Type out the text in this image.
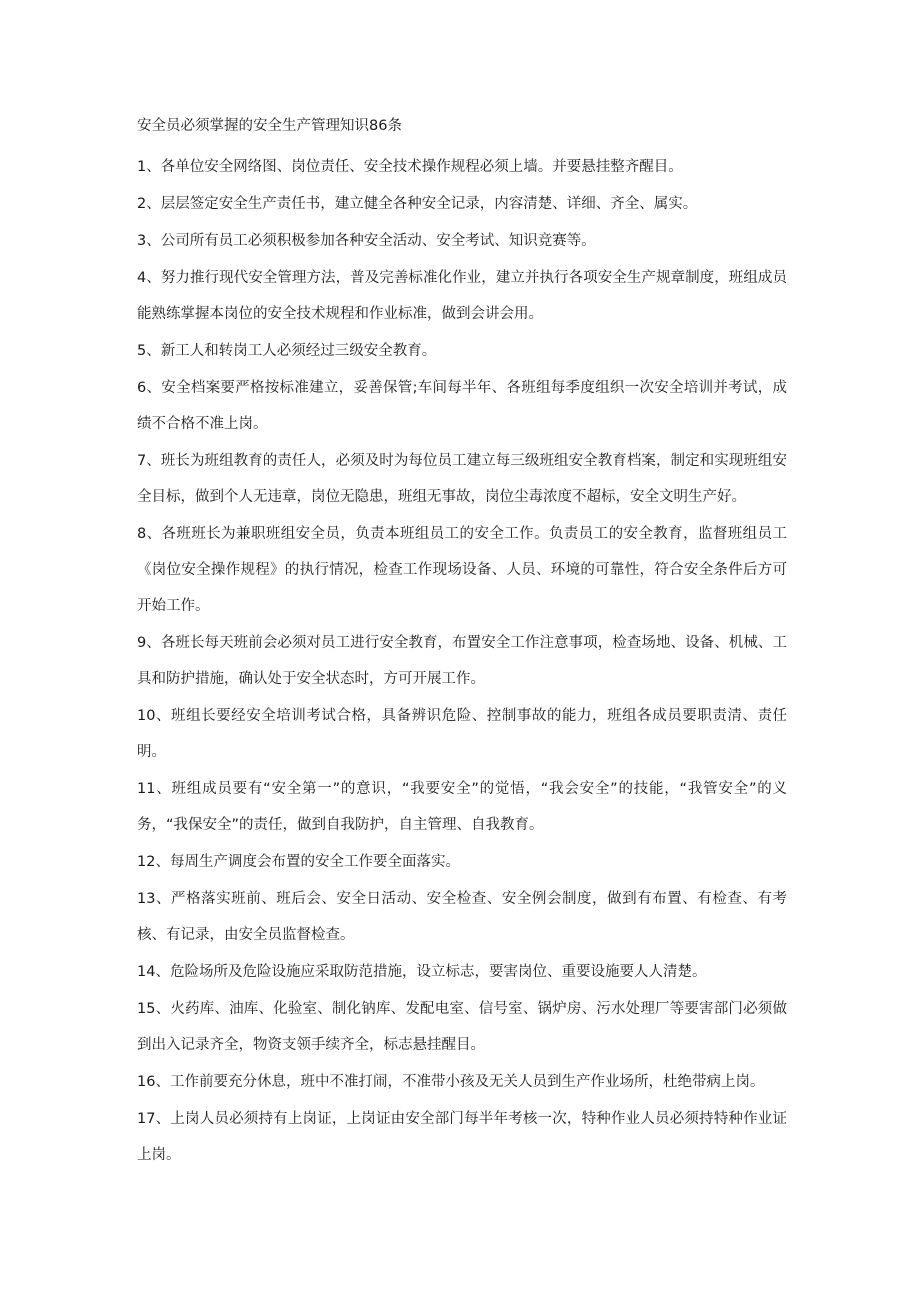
安全员必须掌握的安全生产管理知识86条

1、各单位安全网络图、岗位责任、安全技术操作规程必须上墙。并要悬挂整齐醒目。

2、层层签定安全生产责任书，建立健全各种安全记录，内容清楚、详细、齐全、属实。

3、公司所有员工必须积极参加各种安全活动、安全考试、知识竞赛等。

4、努力推行现代安全管理方法，普及完善标准化作业，建立并执行各项安全生产规章制度，班组成员能熟练掌握本岗位的安全技术规程和作业标准，做到会讲会用。

5、新工人和转岗工人必须经过三级安全教育。

6、安全档案要严格按标准建立，妥善保管;车间每半年、各班组每季度组织一次安全培训并考试，成绩不合格不准上岗。

7、班长为班组教育的责任人，必须及时为每位员工建立每三级班组安全教育档案，制定和实现班组安全目标，做到个人无违章，岗位无隐患，班组无事故，岗位尘毒浓度不超标，安全文明生产好。

8、各班班长为兼职班组安全员，负责本班组员工的安全工作。负责员工的安全教育，监督班组员工《岗位安全操作规程》的执行情况，检查工作现场设备、人员、环境的可靠性，符合安全条件后方可开始工作。

9、各班长每天班前会必须对员工进行安全教育，布置安全工作注意事项，检查场地、设备、机械、工具和防护措施，确认处于安全状态时，方可开展工作。

10、班组长要经安全培训考试合格，具备辨识危险、控制事故的能力，班组各成员要职责清、责任明。

11、班组成员要有“安全第一”的意识，“我要安全”的觉悟，“我会安全”的技能，“我管安全”的义务，“我保安全”的责任，做到自我防护，自主管理、自我教育。

12、每周生产调度会布置的安全工作要全面落实。

13、严格落实班前、班后会、安全日活动、安全检查、安全例会制度，做到有布置、有检查、有考核、有记录，由安全员监督检查。

14、危险场所及危险设施应采取防范措施，设立标志，要害岗位、重要设施要人人清楚。

15、火药库、油库、化验室、制化钠库、发配电室、信号室、锅炉房、污水处理厂等要害部门必须做到出入记录齐全，物资支领手续齐全，标志悬挂醒目。

16、工作前要充分休息，班中不准打闹，不准带小孩及无关人员到生产作业场所，杜绝带病上岗。

17、上岗人员必须持有上岗证，上岗证由安全部门每半年考核一次，特种作业人员必须持特种作业证上岗。
